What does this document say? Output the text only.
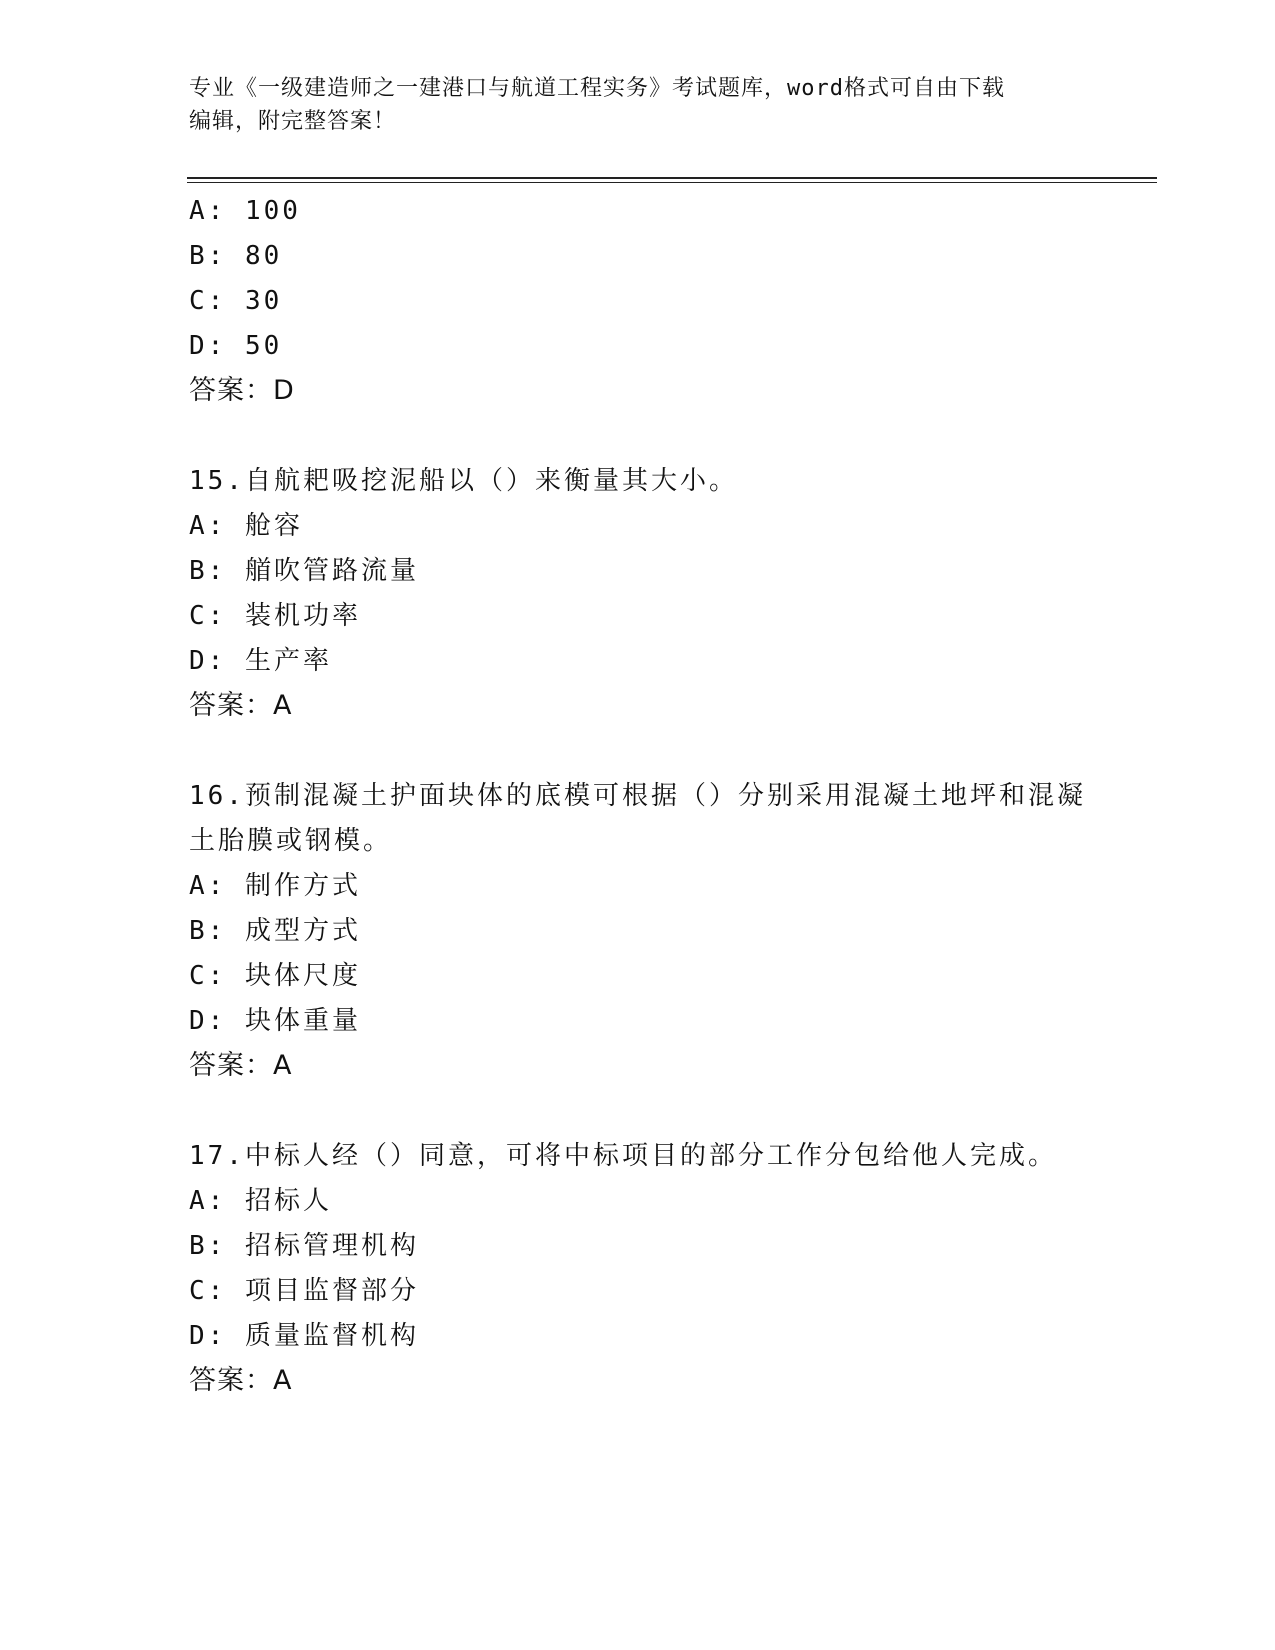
专业《一级建造师之一建港口与航道工程实务》考试题库，word格式可自由下载
编辑，附完整答案！
A: 100
B: 80
C: 30
D: 50
答案：D
15.自航耙吸挖泥船以（）来衡量其大小。
A: 舱容
B: 艏吹管路流量
C: 装机功率
D: 生产率
答案：A
16.预制混凝土护面块体的底模可根据（）分别采用混凝土地坪和混凝
土胎膜或钢模。
A: 制作方式
B: 成型方式
C: 块体尺度
D: 块体重量
答案：A
17.中标人经（）同意，可将中标项目的部分工作分包给他人完成。
A: 招标人
B: 招标管理机构
C: 项目监督部分
D: 质量监督机构
答案：A
